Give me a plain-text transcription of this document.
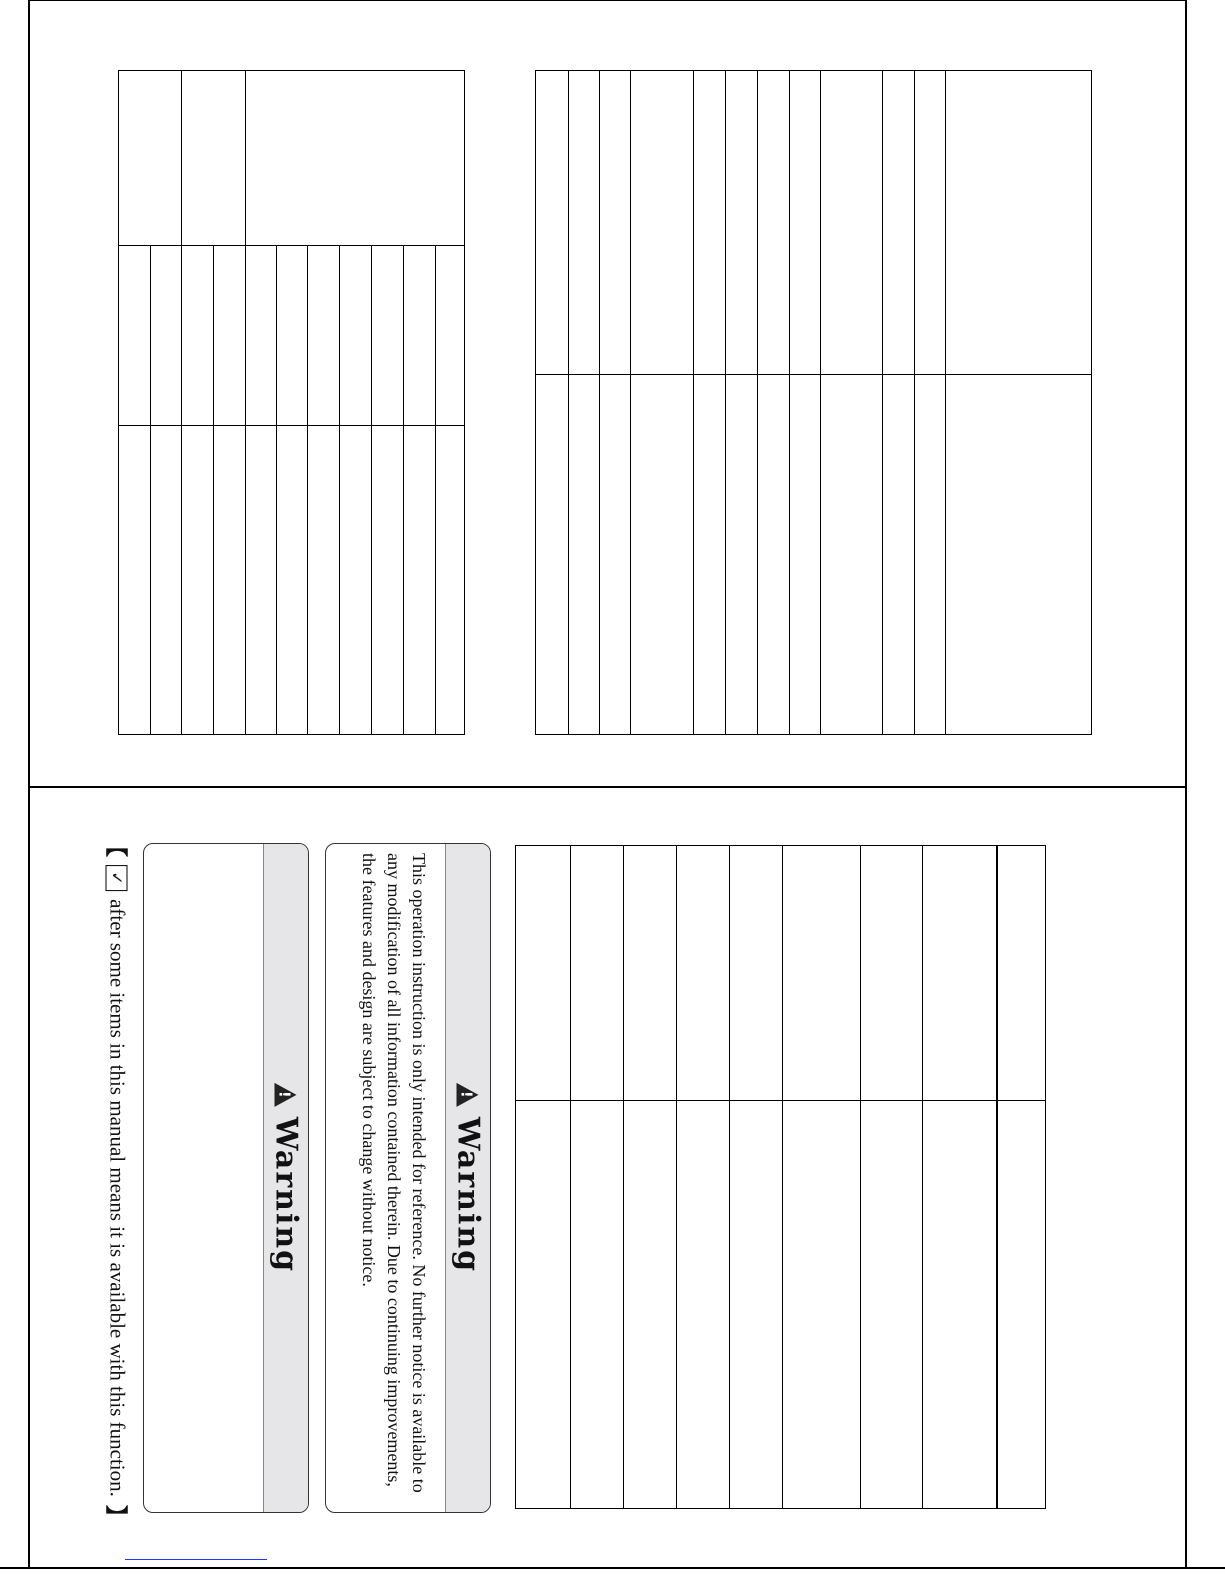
!
Warning
This operation instruction is only intended for reference. No further notice is available to any modification of all information contained therein. Due to continuing improvements, the features and design are subject to change without notice.
!
Warning
【
✓
after some items in this manual means it is available with this function.
】
